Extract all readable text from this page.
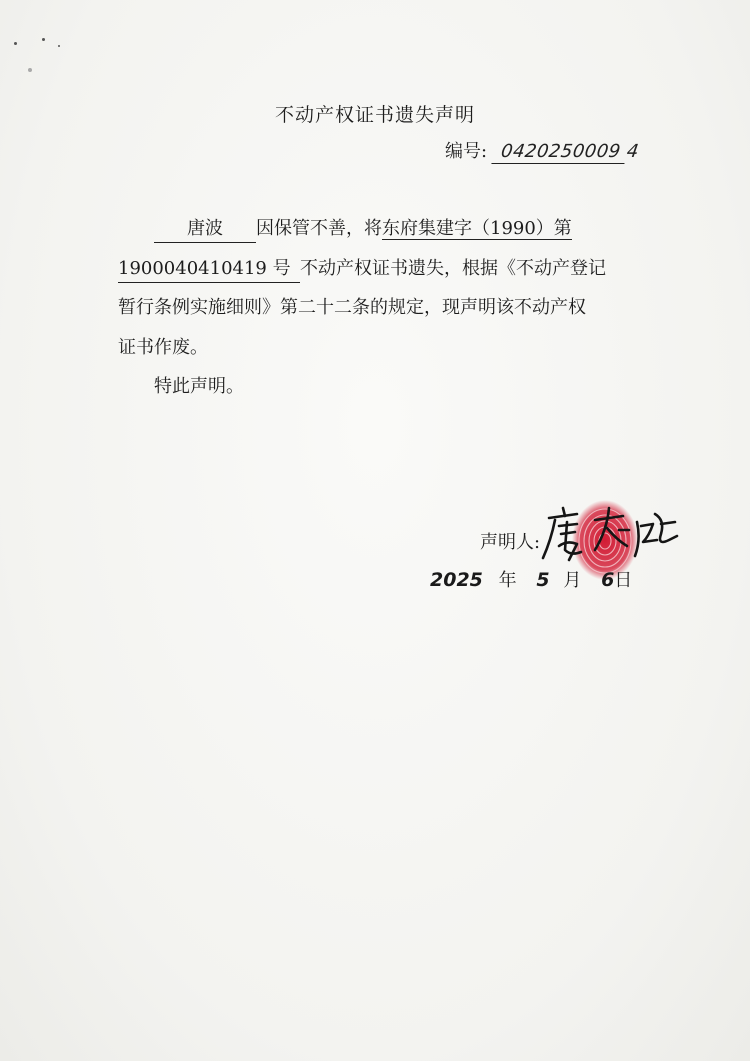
不动产权证书遗失声明
编号: 0420250009 4
唐波 因保管不善，将东府集建字（1990）第
1900040410419 号 不动产权证书遗失，根据《不动产登记
暂行条例实施细则》第二十二条的规定，现声明该不动产权
证书作废。
特此声明。
声明人:
2025 年 5 月 6日
